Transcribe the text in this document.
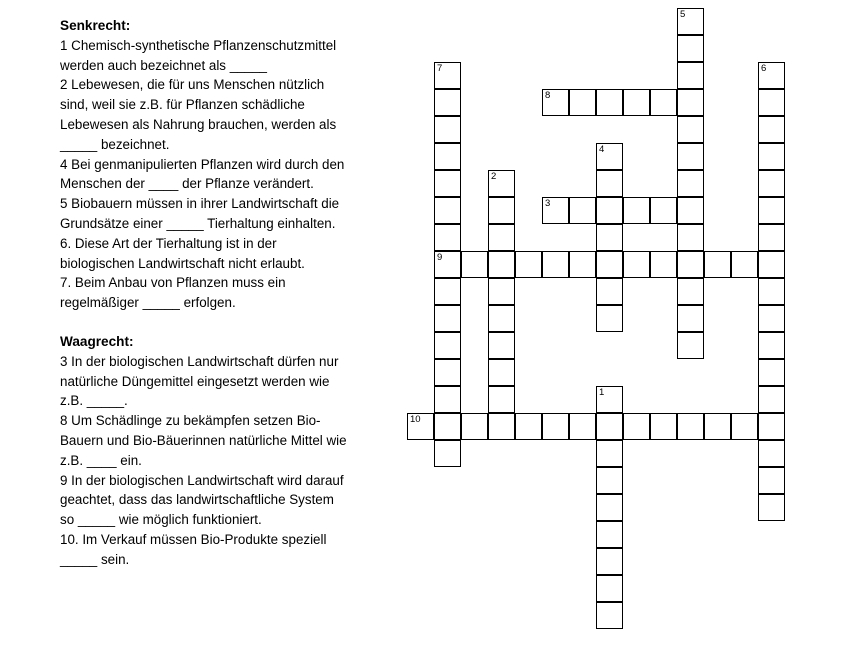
Senkrecht:
1 Chemisch-synthetische Pflanzenschutzmittel
werden auch bezeichnet als _____
2 Lebewesen, die für uns Menschen nützlich
sind, weil sie z.B. für Pflanzen schädliche
Lebewesen als Nahrung brauchen, werden als
_____ bezeichnet.
4 Bei genmanipulierten Pflanzen wird durch den
Menschen der ____ der Pflanze verändert.
5 Biobauern müssen in ihrer Landwirtschaft die
Grundsätze einer _____ Tierhaltung einhalten.
6. Diese Art der Tierhaltung ist in der
biologischen Landwirtschaft nicht erlaubt.
7. Beim Anbau von Pflanzen muss ein
regelmäßiger _____ erfolgen.
Waagrecht:
3 In der biologischen Landwirtschaft dürfen nur
natürliche Düngemittel eingesetzt werden wie
z.B. _____.
8 Um Schädlinge zu bekämpfen setzen Bio-
Bauern und Bio-Bäuerinnen natürliche Mittel wie
z.B. ____ ein.
9 In der biologischen Landwirtschaft wird darauf
geachtet, dass das landwirtschaftliche System
so _____ wie möglich funktioniert.
10. Im Verkauf müssen Bio-Produkte speziell
_____ sein.
1
2
3
4
5
6
7
9
8
10
